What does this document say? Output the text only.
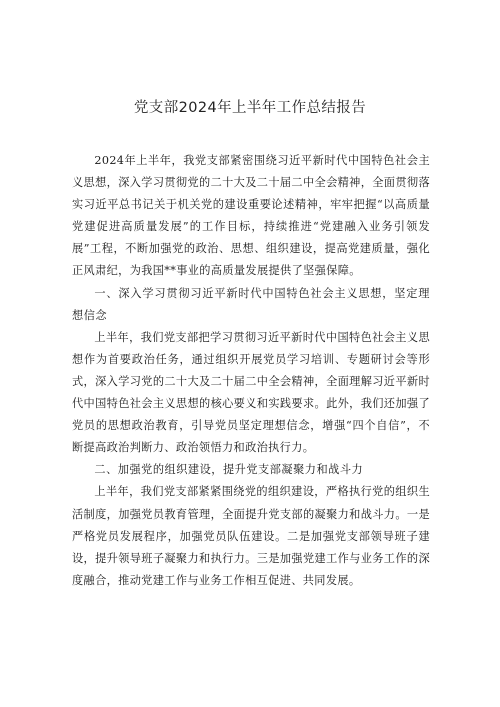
党支部2024年上半年工作总结报告

2024年上半年，我党支部紧密围绕习近平新时代中国特色社会主义思想，深入学习贯彻党的二十大及二十届二中全会精神，全面贯彻落实习近平总书记关于机关党的建设重要论述精神，牢牢把握“以高质量党建促进高质量发展”的工作目标，持续推进“党建融入业务引领发展”工程，不断加强党的政治、思想、组织建设，提高党建质量，强化正风肃纪，为我国**事业的高质量发展提供了坚强保障。

一、深入学习贯彻习近平新时代中国特色社会主义思想，坚定理想信念

上半年，我们党支部把学习贯彻习近平新时代中国特色社会主义思想作为首要政治任务，通过组织开展党员学习培训、专题研讨会等形式，深入学习党的二十大及二十届二中全会精神，全面理解习近平新时代中国特色社会主义思想的核心要义和实践要求。此外，我们还加强了党员的思想政治教育，引导党员坚定理想信念，增强“四个自信”，不断提高政治判断力、政治领悟力和政治执行力。

二、加强党的组织建设，提升党支部凝聚力和战斗力

上半年，我们党支部紧紧围绕党的组织建设，严格执行党的组织生活制度，加强党员教育管理，全面提升党支部的凝聚力和战斗力。一是严格党员发展程序，加强党员队伍建设。二是加强党支部领导班子建设，提升领导班子凝聚力和执行力。三是加强党建工作与业务工作的深度融合，推动党建工作与业务工作相互促进、共同发展。
